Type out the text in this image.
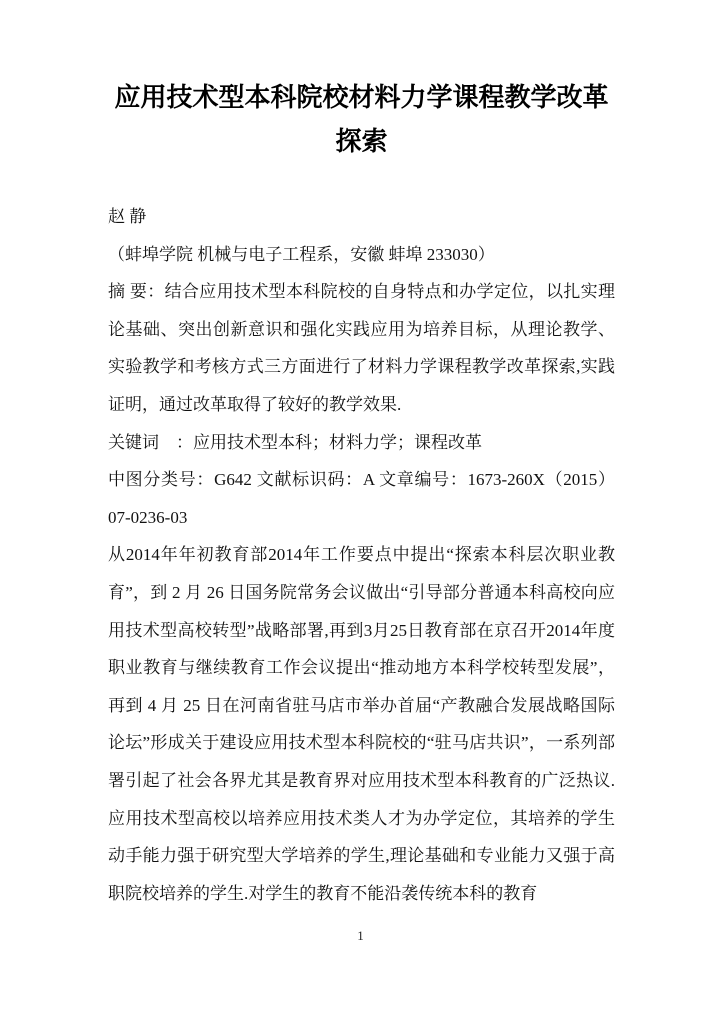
应用技术型本科院校材料力学课程教学改革探索
赵 静
（蚌埠学院 机械与电子工程系，安徽 蚌埠 233030）
摘 要：结合应用技术型本科院校的自身特点和办学定位，以扎实理论基础、突出创新意识和强化实践应用为培养目标，从理论教学、实验教学和考核方式三方面进行了材料力学课程教学改革探索,实践证明，通过改革取得了较好的教学效果.
关键词　：应用技术型本科；材料力学；课程改革
中图分类号：G642 文献标识码：A 文章编号：1673-260X（2015）07-0236-03
从2014年年初教育部2014年工作要点中提出“探索本科层次职业教育”，到 2 月 26 日国务院常务会议做出“引导部分普通本科高校向应用技术型高校转型”战略部署,再到3月25日教育部在京召开2014年度职业教育与继续教育工作会议提出“推动地方本科学校转型发展”，再到 4 月 25 日在河南省驻马店市举办首届“产教融合发展战略国际论坛”形成关于建设应用技术型本科院校的“驻马店共识”，一系列部署引起了社会各界尤其是教育界对应用技术型本科教育的广泛热议.应用技术型高校以培养应用技术类人才为办学定位，其培养的学生动手能力强于研究型大学培养的学生,理论基础和专业能力又强于高职院校培养的学生.对学生的教育不能沿袭传统本科的教育
1
